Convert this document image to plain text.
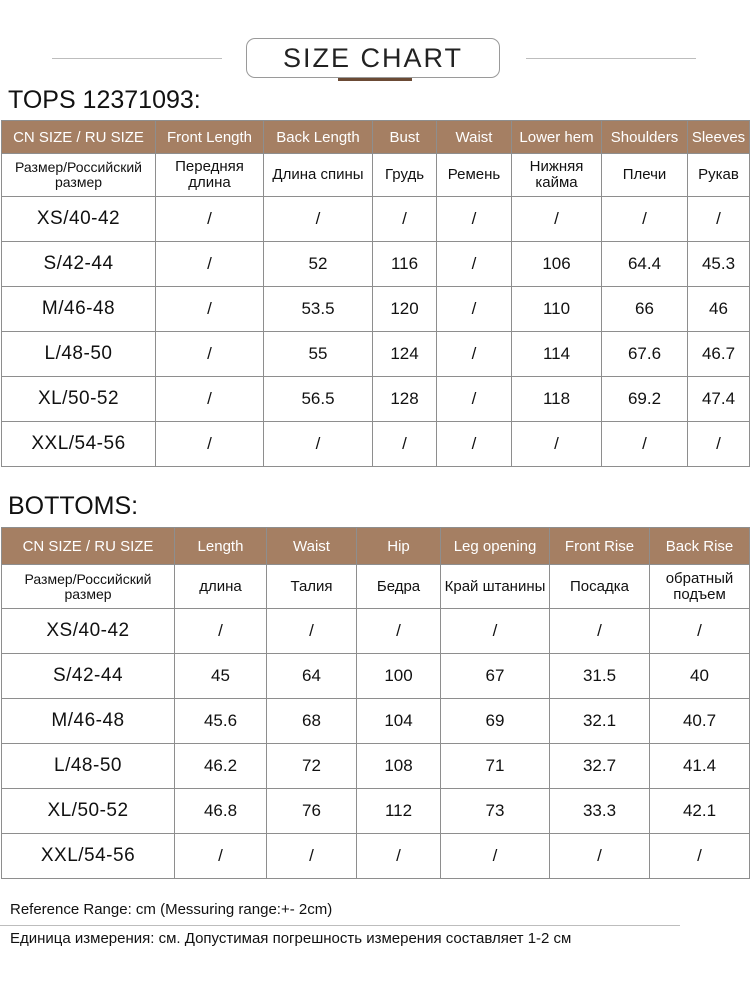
SIZE CHART
TOPS 12371093:
CN SIZE / RU SIZE	Front Length	Back Length	Bust	Waist	Lower hem	Shoulders	Sleeves
Размер/Российский размер	Передняя длина	Длина спины	Грудь	Ремень	Нижняя кайма	Плечи	Рукав
XS/40-42	/	/	/	/	/	/	/
S/42-44	/	52	116	/	106	64.4	45.3
M/46-48	/	53.5	120	/	110	66	46
L/48-50	/	55	124	/	114	67.6	46.7
XL/50-52	/	56.5	128	/	118	69.2	47.4
XXL/54-56	/	/	/	/	/	/	/
BOTTOMS:
CN SIZE / RU SIZE	Length	Waist	Hip	Leg opening	Front Rise	Back Rise
Размер/Российский размер	длина	Талия	Бедра	Край штанины	Посадка	обратный подъем
XS/40-42	/	/	/	/	/	/
S/42-44	45	64	100	67	31.5	40
M/46-48	45.6	68	104	69	32.1	40.7
L/48-50	46.2	72	108	71	32.7	41.4
XL/50-52	46.8	76	112	73	33.3	42.1
XXL/54-56	/	/	/	/	/	/
Reference Range: cm (Messuring range:+- 2cm)
Единица измерения: см. Допустимая погрешность измерения составляет 1-2 см
